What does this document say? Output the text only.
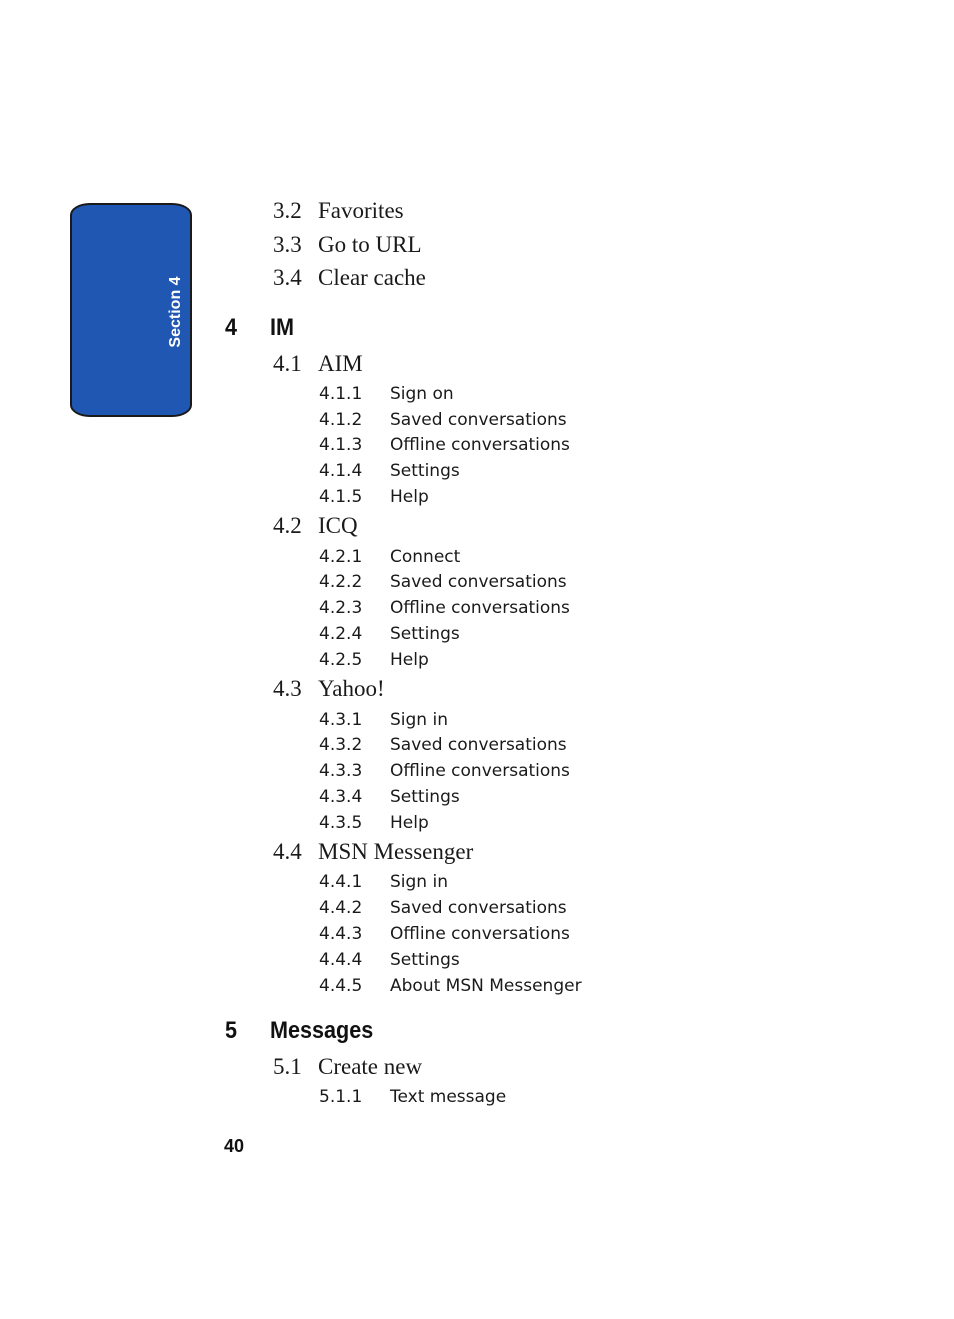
Section 4
3.2 Favorites
3.3 Go to URL
3.4 Clear cache
4 IM
4.1 AIM
4.1.1 Sign on
4.1.2 Saved conversations
4.1.3 Offline conversations
4.1.4 Settings
4.1.5 Help
4.2 ICQ
4.2.1 Connect
4.2.2 Saved conversations
4.2.3 Offline conversations
4.2.4 Settings
4.2.5 Help
4.3 Yahoo!
4.3.1 Sign in
4.3.2 Saved conversations
4.3.3 Offline conversations
4.3.4 Settings
4.3.5 Help
4.4 MSN Messenger
4.4.1 Sign in
4.4.2 Saved conversations
4.4.3 Offline conversations
4.4.4 Settings
4.4.5 About MSN Messenger
5 Messages
5.1 Create new
5.1.1 Text message
40
